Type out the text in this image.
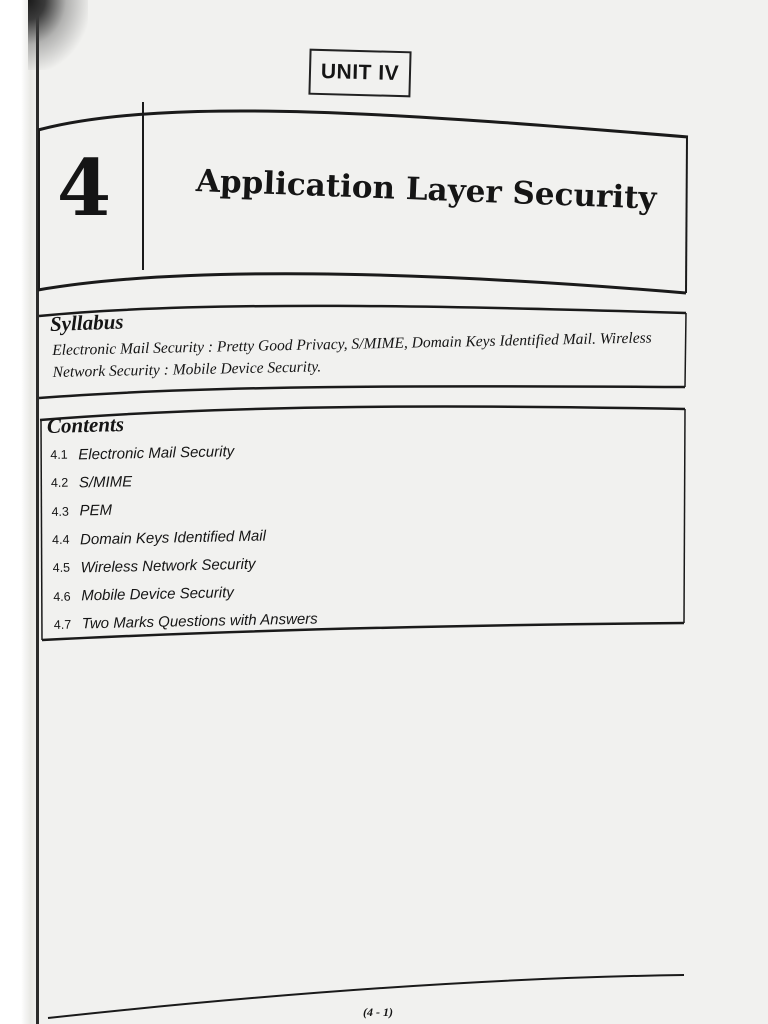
UNIT IV
4	Application Layer Security
Syllabus
Electronic Mail Security : Pretty Good Privacy, S/MIME, Domain Keys Identified Mail. Wireless Network Security : Mobile Device Security.
Contents
4.1 Electronic Mail Security
4.2 S/MIME
4.3 PEM
4.4 Domain Keys Identified Mail
4.5 Wireless Network Security
4.6 Mobile Device Security
4.7 Two Marks Questions with Answers
(4 - 1)
